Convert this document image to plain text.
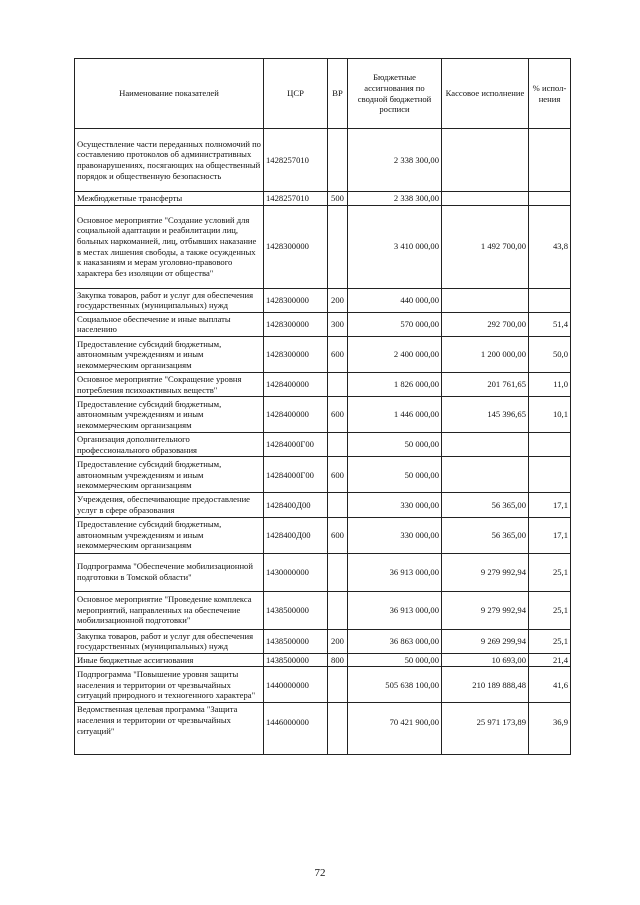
Наименование показателей	ЦСР	ВР	Бюджетные ассигнования по сводной бюджетной росписи	Кассовое исполнение	% испол-нения
Осуществление части переданных полномочий по составлению протоколов об административных правонарушениях, посягающих на общественный порядок и общественную безопасность	1428257010		2 338 300,00		
Межбюджетные трансферты	1428257010	500	2 338 300,00		
Основное мероприятие "Создание условий для социальной адаптации и реабилитации лиц, больных наркоманией, лиц, отбывших наказание в местах лишения свободы, а также осужденных к наказаниям и мерам уголовно-правового характера без изоляции от общества"	1428300000		3 410 000,00	1 492 700,00	43,8
Закупка товаров, работ и услуг для обеспечения государственных (муниципальных) нужд	1428300000	200	440 000,00		
Социальное обеспечение и иные выплаты населению	1428300000	300	570 000,00	292 700,00	51,4
Предоставление субсидий бюджетным, автономным учреждениям и иным некоммерческим организациям	1428300000	600	2 400 000,00	1 200 000,00	50,0
Основное мероприятие "Сокращение уровня потребления психоактивных веществ"	1428400000		1 826 000,00	201 761,65	11,0
Предоставление субсидий бюджетным, автономным учреждениям и иным некоммерческим организациям	1428400000	600	1 446 000,00	145 396,65	10,1
Организация дополнительного профессионального образования	14284000Г00		50 000,00		
Предоставление субсидий бюджетным, автономным учреждениям и иным некоммерческим организациям	14284000Г00	600	50 000,00		
Учреждения, обеспечивающие предоставление услуг в сфере образования	1428400Д00		330 000,00	56 365,00	17,1
Предоставление субсидий бюджетным, автономным учреждениям и иным некоммерческим организациям	1428400Д00	600	330 000,00	56 365,00	17,1
Подпрограмма "Обеспечение мобилизационной подготовки в Томской области"	1430000000		36 913 000,00	9 279 992,94	25,1
Основное мероприятие "Проведение комплекса мероприятий, направленных на обеспечение мобилизационной подготовки"	1438500000		36 913 000,00	9 279 992,94	25,1
Закупка товаров, работ и услуг для обеспечения государственных (муниципальных) нужд	1438500000	200	36 863 000,00	9 269 299,94	25,1
Иные бюджетные ассигнования	1438500000	800	50 000,00	10 693,00	21,4
Подпрограмма "Повышение уровня защиты населения и территории от чрезвычайных ситуаций природного и техногенного характера"	1440000000		505 638 100,00	210 189 888,48	41,6
Ведомственная целевая программа "Защита населения и территории от чрезвычайных ситуаций"	1446000000		70 421 900,00	25 971 173,89	36,9
72
